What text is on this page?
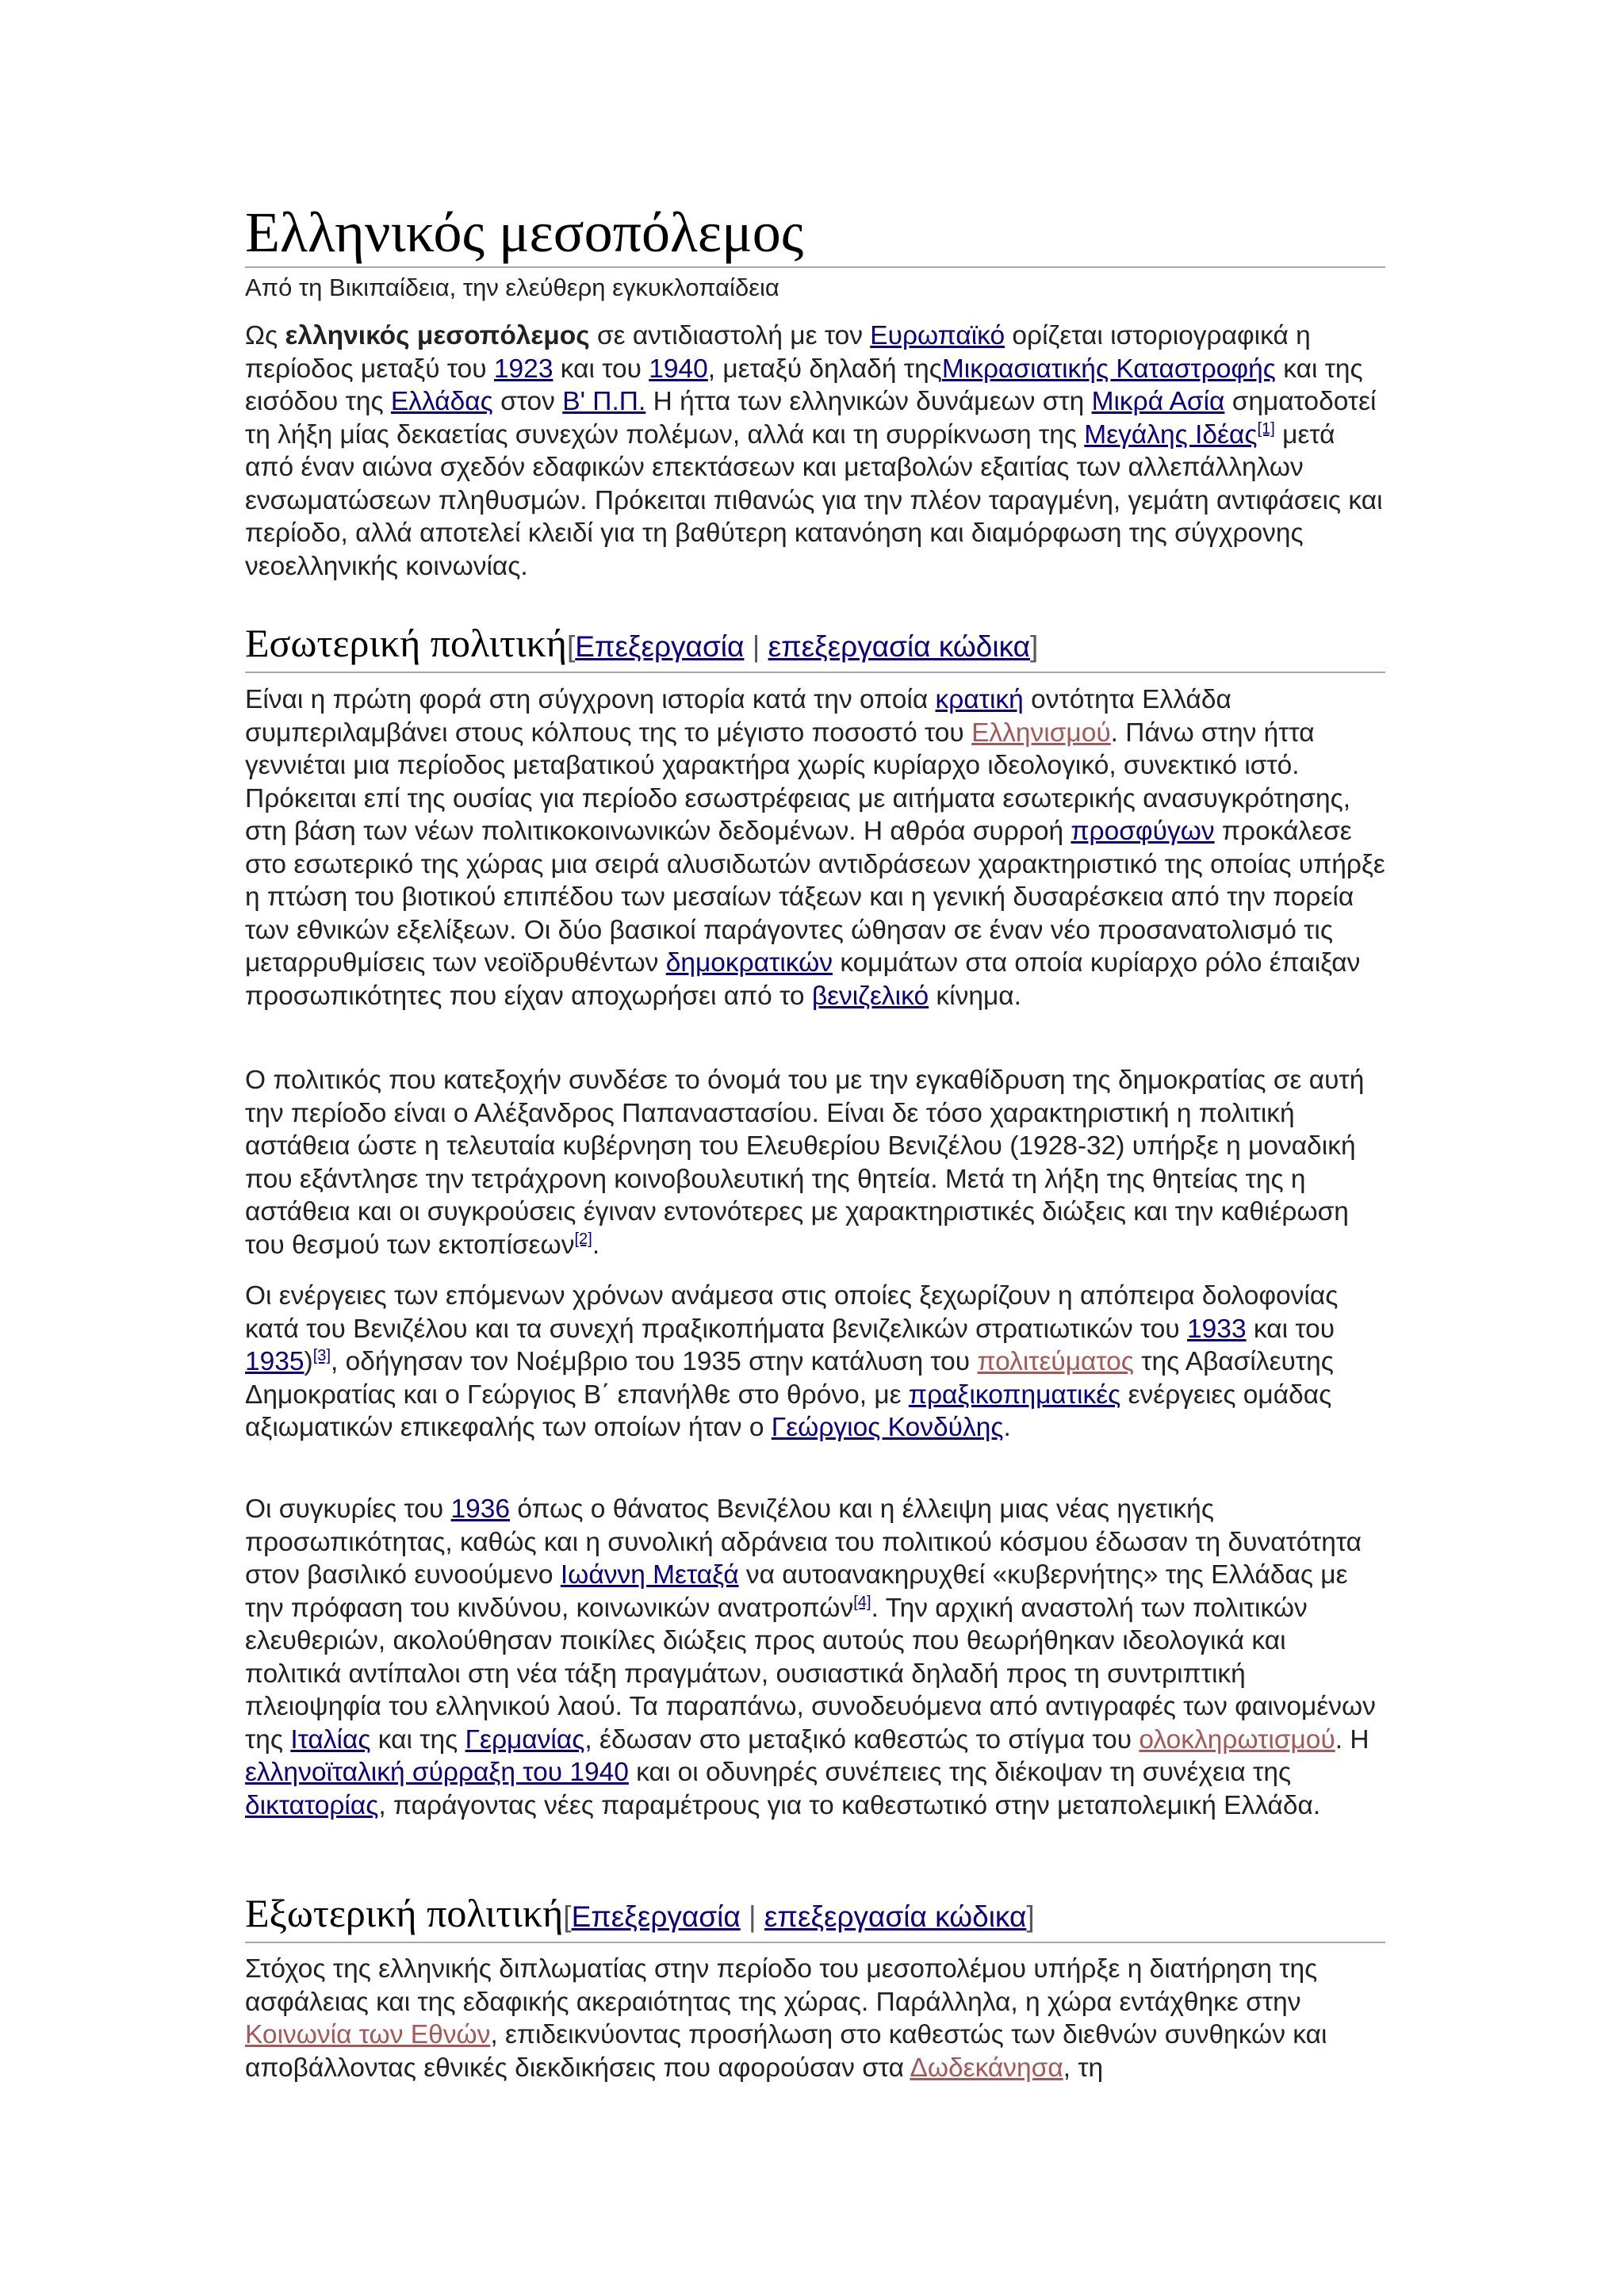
Ελληνικός μεσοπόλεμος
Από τη Βικιπαίδεια, την ελεύθερη εγκυκλοπαίδεια

Ως ελληνικός μεσοπόλεμος σε αντιδιαστολή με τον Ευρωπαϊκό ορίζεται ιστοριογραφικά η περίοδος μεταξύ του 1923 και του 1940, μεταξύ δηλαδή τηςΜικρασιατικής Καταστροφής και της εισόδου της Ελλάδας στον Β' Π.Π. Η ήττα των ελληνικών δυνάμεων στη Μικρά Ασία σηματοδοτεί τη λήξη μίας δεκαετίας συνεχών πολέμων, αλλά και τη συρρίκνωση της Μεγάλης Ιδέας[1] μετά από έναν αιώνα σχεδόν εδαφικών επεκτάσεων και μεταβολών εξαιτίας των αλλεπάλληλων ενσωματώσεων πληθυσμών. Πρόκειται πιθανώς για την πλέον ταραγμένη, γεμάτη αντιφάσεις και περίοδο, αλλά αποτελεί κλειδί για τη βαθύτερη κατανόηση και διαμόρφωση της σύγχρονης νεοελληνικής κοινωνίας.

Εσωτερική πολιτική[Επεξεργασία | επεξεργασία κώδικα]

Είναι η πρώτη φορά στη σύγχρονη ιστορία κατά την οποία κρατική οντότητα Ελλάδα συμπεριλαμβάνει στους κόλπους της το μέγιστο ποσοστό του Ελληνισμού. Πάνω στην ήττα γεννιέται μια περίοδος μεταβατικού χαρακτήρα χωρίς κυρίαρχο ιδεολογικό, συνεκτικό ιστό. Πρόκειται επί της ουσίας για περίοδο εσωστρέφειας με αιτήματα εσωτερικής ανασυγκρότησης, στη βάση των νέων πολιτικοκοινωνικών δεδομένων. Η αθρόα συρροή προσφύγων προκάλεσε στο εσωτερικό της χώρας μια σειρά αλυσιδωτών αντιδράσεων χαρακτηριστικό της οποίας υπήρξε η πτώση του βιοτικού επιπέδου των μεσαίων τάξεων και η γενική δυσαρέσκεια από την πορεία των εθνικών εξελίξεων. Οι δύο βασικοί παράγοντες ώθησαν σε έναν νέο προσανατολισμό τις μεταρρυθμίσεις των νεοϊδρυθέντων δημοκρατικών κομμάτων στα οποία κυρίαρχο ρόλο έπαιξαν προσωπικότητες που είχαν αποχωρήσει από το βενιζελικό κίνημα.

Ο πολιτικός που κατεξοχήν συνδέσε το όνομά του με την εγκαθίδρυση της δημοκρατίας σε αυτή την περίοδο είναι ο Αλέξανδρος Παπαναστασίου. Είναι δε τόσο χαρακτηριστική η πολιτική αστάθεια ώστε η τελευταία κυβέρνηση του Ελευθερίου Βενιζέλου (1928-32) υπήρξε η μοναδική που εξάντλησε την τετράχρονη κοινοβουλευτική της θητεία. Μετά τη λήξη της θητείας της η αστάθεια και οι συγκρούσεις έγιναν εντονότερες με χαρακτηριστικές διώξεις και την καθιέρωση του θεσμού των εκτοπίσεων[2].

Οι ενέργειες των επόμενων χρόνων ανάμεσα στις οποίες ξεχωρίζουν η απόπειρα δολοφονίας κατά του Βενιζέλου και τα συνεχή πραξικοπήματα βενιζελικών στρατιωτικών του 1933 και του 1935)[3], οδήγησαν τον Νοέμβριο του 1935 στην κατάλυση του πολιτεύματος της Αβασίλευτης Δημοκρατίας και ο Γεώργιος Β΄ επανήλθε στο θρόνο, με πραξικοπηματικές ενέργειες ομάδας αξιωματικών επικεφαλής των οποίων ήταν ο Γεώργιος Κονδύλης.

Οι συγκυρίες του 1936 όπως ο θάνατος Βενιζέλου και η έλλειψη μιας νέας ηγετικής προσωπικότητας, καθώς και η συνολική αδράνεια του πολιτικού κόσμου έδωσαν τη δυνατότητα στον βασιλικό ευνοούμενο Ιωάννη Μεταξά να αυτοανακηρυχθεί «κυβερνήτης» της Ελλάδας με την πρόφαση του κινδύνου, κοινωνικών ανατροπών[4]. Την αρχική αναστολή των πολιτικών ελευθεριών, ακολούθησαν ποικίλες διώξεις προς αυτούς που θεωρήθηκαν ιδεολογικά και πολιτικά αντίπαλοι στη νέα τάξη πραγμάτων, ουσιαστικά δηλαδή προς τη συντριπτική πλειοψηφία του ελληνικού λαού. Τα παραπάνω, συνοδευόμενα από αντιγραφές των φαινομένων της Ιταλίας και της Γερμανίας, έδωσαν στο μεταξικό καθεστώς το στίγμα του ολοκληρωτισμού. Η ελληνοϊταλική σύρραξη του 1940 και οι οδυνηρές συνέπειες της διέκοψαν τη συνέχεια της δικτατορίας, παράγοντας νέες παραμέτρους για το καθεστωτικό στην μεταπολεμική Ελλάδα.

Εξωτερική πολιτική[Επεξεργασία | επεξεργασία κώδικα]

Στόχος της ελληνικής διπλωματίας στην περίοδο του μεσοπολέμου υπήρξε η διατήρηση της ασφάλειας και της εδαφικής ακεραιότητας της χώρας. Παράλληλα, η χώρα εντάχθηκε στην Κοινωνία των Εθνών, επιδεικνύοντας προσήλωση στο καθεστώς των διεθνών συνθηκών και αποβάλλοντας εθνικές διεκδικήσεις που αφορούσαν στα Δωδεκάνησα, τη
